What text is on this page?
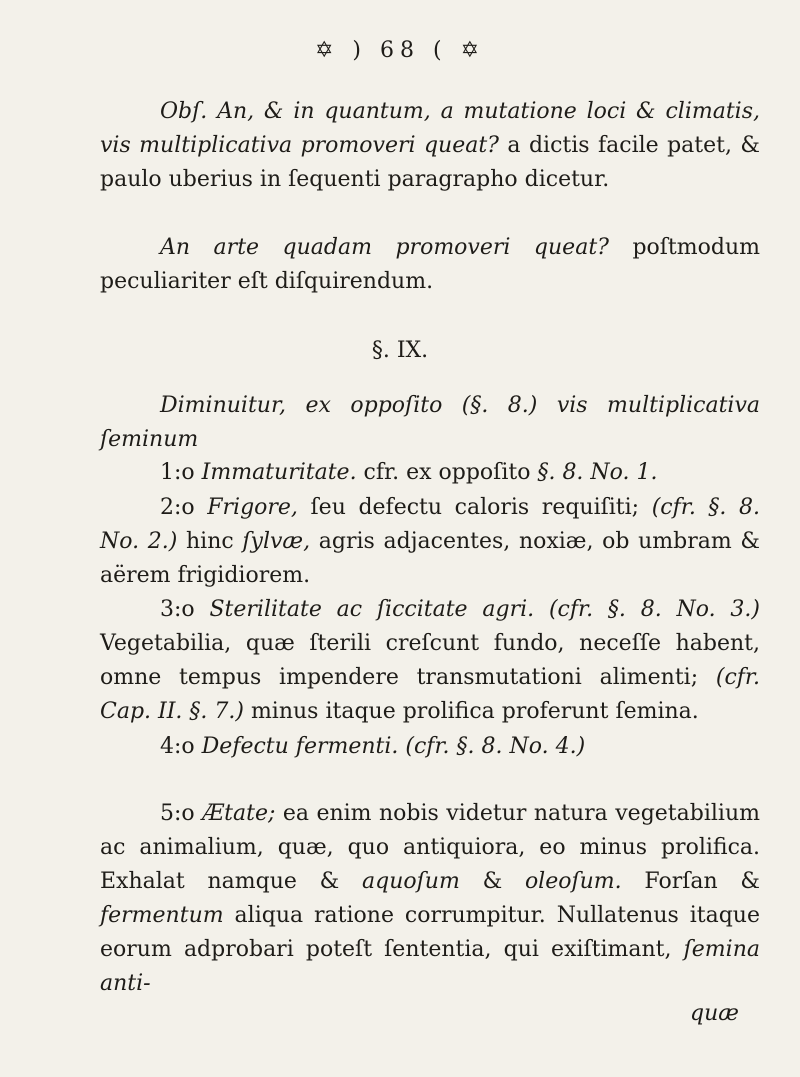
✡ ) 68 ( ✡

Obſ. An, & in quantum, a mutatione loci & climatis, vis multiplicativa promoveri queat? a dictis facile patet, & paulo uberius in ſequenti paragrapho dicetur.

An arte quadam promoveri queat? poſtmodum peculiariter eſt diſquirendum.

§. IX.

Diminuitur, ex oppoſito (§. 8.) vis multiplicativa ſeminum

1:o Immaturitate. cfr. ex oppoſito §. 8. No. 1.

2:o Frigore, ſeu defectu caloris requiſiti; (cfr. §. 8. No. 2.) hinc ſylvæ, agris adjacentes, noxiæ, ob umbram & aërem frigidiorem.

3:o Sterilitate ac ſiccitate agri. (cfr. §. 8. No. 3.) Vegetabilia, quæ ſterili creſcunt fundo, neceſſe habent, omne tempus impendere transmutationi alimenti; (cfr. Cap. II. §. 7.) minus itaque prolifica proferunt ſemina.

4:o Defectu fermenti. (cfr. §. 8. No. 4.)

5:o Ætate; ea enim nobis videtur natura vegetabilium ac animalium, quæ, quo antiquiora, eo minus prolifica. Exhalat namque & aquoſum & oleoſum. Forſan & fermentum aliqua ratione corrumpitur. Nullatenus itaque eorum adprobari poteſt ſententia, qui exiſtimant, ſemina anti-

quæ
